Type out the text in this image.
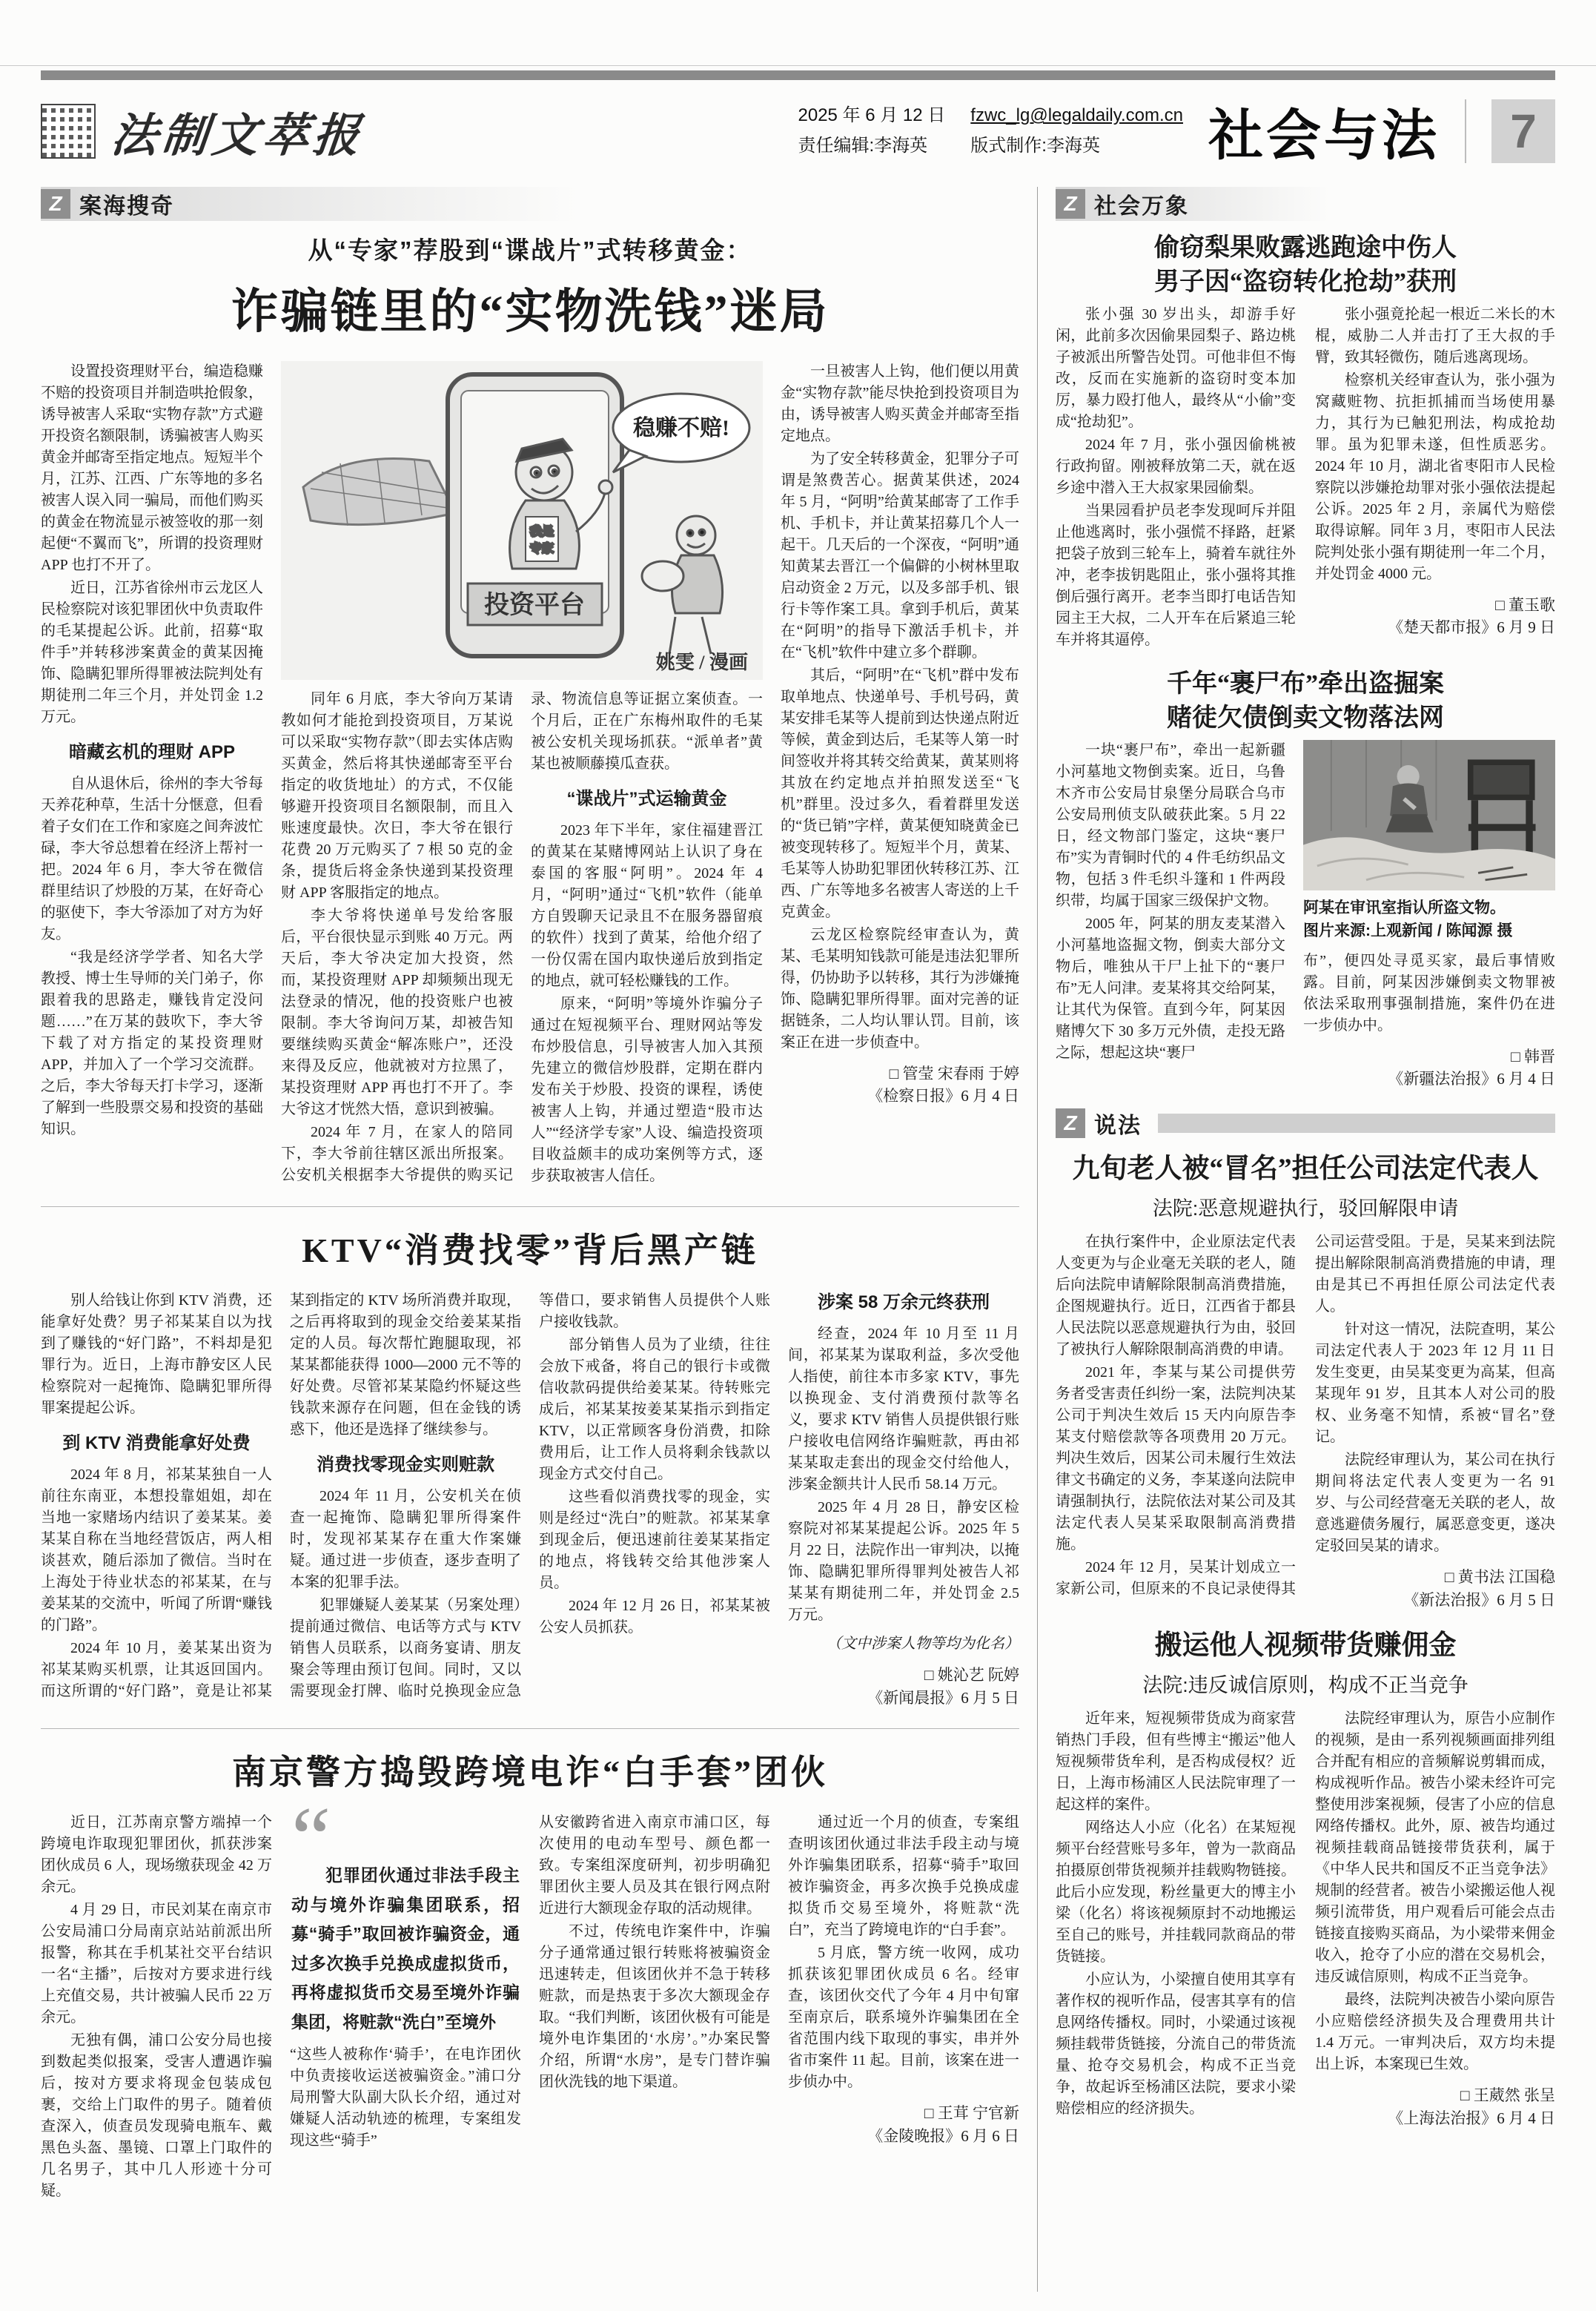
法制文萃报	2025 年 6 月 12 日
责任编辑:李海英
fzwc_lg@legaldaily.com.cn
版式制作:李海英	社会与法	7
Z 案海搜奇
从“专家”荐股到“谍战片”式转移黄金：
诈骗链里的“实物洗钱”迷局

设置投资理财平台，编造稳赚不赔的投资项目并制造哄抢假象，诱导被害人采取“实物存款”方式避开投资名额限制，诱骗被害人购买黄金并邮寄至指定地点。短短半个月，江苏、江西、广东等地的多名被害人误入同一骗局，而他们购买的黄金在物流显示被签收的那一刻起便“不翼而飞”，所谓的投资理财 APP 也打不开了。

近日，江苏省徐州市云龙区人民检察院对该犯罪团伙中负责取件的毛某提起公诉。此前，招募“取件手”并转移涉案黄金的黄某因掩饰、隐瞒犯罪所得罪被法院判处有期徒刑二年三个月，并处罚金 1.2 万元。

暗藏玄机的理财 APP

自从退休后，徐州的李大爷每天养花种草，生活十分惬意，但看着子女们在工作和家庭之间奔波忙碌，李大爷总想着在经济上帮衬一把。2024 年 6 月，李大爷在微信群里结识了炒股的万某，在好奇心的驱使下，李大爷添加了对方为好友。

“我是经济学学者、知名大学教授、博士生导师的关门弟子，你跟着我的思路走，赚钱肯定没问题……”在万某的鼓吹下，李大爷下载了对方指定的某投资理财 APP，并加入了一个学习交流群。之后，李大爷每天打卡学习，逐渐了解到一些股票交易和投资的基础知识。

投资平台
我是
专家
稳赚不赔!
姚雯 / 漫画

同年 6 月底，李大爷向万某请教如何才能抢到投资项目，万某说可以采取“实物存款”（即去实体店购买黄金，然后将其快递邮寄至平台指定的收货地址）的方式，不仅能够避开投资项目名额限制，而且入账速度最快。次日，李大爷在银行花费 20 万元购买了 7 根 50 克的金条，提货后将金条快递到某投资理财 APP 客服指定的地点。

李大爷将快递单号发给客服后，平台很快显示到账 40 万元。两天后，李大爷决定加大投资，然而，某投资理财 APP 却频频出现无法登录的情况，他的投资账户也被限制。李大爷询问万某，却被告知要继续购买黄金“解冻账户”，还没来得及反应，他就被对方拉黑了，某投资理财 APP 再也打不开了。李大爷这才恍然大悟，意识到被骗。

2024 年 7 月，在家人的陪同下，李大爷前往辖区派出所报案。公安机关根据李大爷提供的购买记录、物流信息等证据立案侦查。一个月后，正在广东梅州取件的毛某被公安机关现场抓获。“派单者”黄某也被顺藤摸瓜查获。

“谍战片”式运输黄金

2023 年下半年，家住福建晋江的黄某在某赌博网站上认识了身在泰国的客服“阿明”。2024 年 4 月，“阿明”通过“飞机”软件（能单方自毁聊天记录且不在服务器留痕的软件）找到了黄某，给他介绍了一份仅需在国内取快递后放到指定的地点，就可轻松赚钱的工作。

原来，“阿明”等境外诈骗分子通过在短视频平台、理财网站等发布炒股信息，引导被害人加入其预先建立的微信炒股群，定期在群内发布关于炒股、投资的课程，诱使被害人上钩，并通过塑造“股市达人”“经济学专家”人设、编造投资项目收益颇丰的成功案例等方式，逐步获取被害人信任。

一旦被害人上钩，他们便以用黄金“实物存款”能尽快抢到投资项目为由，诱导被害人购买黄金并邮寄至指定地点。

为了安全转移黄金，犯罪分子可谓是煞费苦心。据黄某供述，2024 年 5 月，“阿明”给黄某邮寄了工作手机、手机卡，并让黄某招募几个人一起干。几天后的一个深夜，“阿明”通知黄某去晋江一个偏僻的小树林里取启动资金 2 万元，以及多部手机、银行卡等作案工具。拿到手机后，黄某在“阿明”的指导下激活手机卡，并在“飞机”软件中建立多个群聊。

其后，“阿明”在“飞机”群中发布取单地点、快递单号、手机号码，黄某安排毛某等人提前到达快递点附近等候，黄金到达后，毛某等人第一时间签收并将其转交给黄某，黄某则将其放在约定地点并拍照发送至“飞机”群里。没过多久，看着群里发送的“货已销”字样，黄某便知晓黄金已被变现转移了。短短半个月，黄某、毛某等人协助犯罪团伙转移江苏、江西、广东等地多名被害人寄送的上千克黄金。

云龙区检察院经审查认为，黄某、毛某明知钱款可能是违法犯罪所得，仍协助予以转移，其行为涉嫌掩饰、隐瞒犯罪所得罪。面对完善的证据链条，二人均认罪认罚。目前，该案正在进一步侦查中。

□ 管莹 宋春雨 于婷

《检察日报》6 月 4 日

KTV“消费找零”背后黑产链

别人给钱让你到 KTV 消费，还能拿好处费？男子祁某某自以为找到了赚钱的“好门路”，不料却是犯罪行为。近日，上海市静安区人民检察院对一起掩饰、隐瞒犯罪所得罪案提起公诉。

到 KTV 消费能拿好处费

2024 年 8 月，祁某某独自一人前往东南亚，本想投靠姐姐，却在当地一家赌场内结识了姜某某。姜某某自称在当地经营饭店，两人相谈甚欢，随后添加了微信。当时在上海处于待业状态的祁某某，在与姜某某的交流中，听闻了所谓“赚钱的门路”。

2024 年 10 月，姜某某出资为祁某某购买机票，让其返回国内。而这所谓的“好门路”，竟是让祁某某到指定的 KTV 场所消费并取现，之后再将取到的现金交给姜某某指定的人员。每次帮忙跑腿取现，祁某某都能获得 1000—2000 元不等的好处费。尽管祁某某隐约怀疑这些钱款来源存在问题，但在金钱的诱惑下，他还是选择了继续参与。

消费找零现金实则赃款

2024 年 11 月，公安机关在侦查一起掩饰、隐瞒犯罪所得案件时，发现祁某某存在重大作案嫌疑。通过进一步侦查，逐步查明了本案的犯罪手法。

犯罪嫌疑人姜某某（另案处理）提前通过微信、电话等方式与 KTV 销售人员联系，以商务宴请、朋友聚会等理由预订包间。同时，又以需要现金打牌、临时兑换现金应急等借口，要求销售人员提供个人账户接收钱款。

部分销售人员为了业绩，往往会放下戒备，将自己的银行卡或微信收款码提供给姜某某。待转账完成后，祁某某按姜某某指示到指定 KTV，以正常顾客身份消费，扣除费用后，让工作人员将剩余钱款以现金方式交付自己。

这些看似消费找零的现金，实则是经过“洗白”的赃款。祁某某拿到现金后，便迅速前往姜某某指定的地点，将钱转交给其他涉案人员。

2024 年 12 月 26 日，祁某某被公安人员抓获。

涉案 58 万余元终获刑

经查，2024 年 10 月至 11 月间，祁某某为谋取利益，多次受他人指使，前往本市多家 KTV，事先以换现金、支付消费预付款等名义，要求 KTV 销售人员提供银行账户接收电信网络诈骗赃款，再由祁某某取走套出的现金交付给他人，涉案金额共计人民币 58.14 万元。

2025 年 4 月 28 日，静安区检察院对祁某某提起公诉。2025 年 5 月 22 日，法院作出一审判决，以掩饰、隐瞒犯罪所得罪判处被告人祁某某有期徒刑二年，并处罚金 2.5 万元。

（文中涉案人物等均为化名）

□ 姚沁艺 阮婷

《新闻晨报》6 月 5 日

南京警方捣毁跨境电诈“白手套”团伙

近日，江苏南京警方端掉一个跨境电诈取现犯罪团伙，抓获涉案团伙成员 6 人，现场缴获现金 42 万余元。

4 月 29 日，市民刘某在南京市公安局浦口分局南京站站前派出所报警，称其在手机某社交平台结识一名“主播”，后按对方要求进行线上充值交易，共计被骗人民币 22 万余元。

无独有偶，浦口公安分局也接到数起类似报案，受害人遭遇诈骗后，按对方要求将现金包装成包裹，交给上门取件的男子。随着侦查深入，侦查员发现骑电瓶车、戴黑色头盔、墨镜、口罩上门取件的几名男子，其中几人形迹十分可疑。

“
犯罪团伙通过非法手段主动与境外诈骗集团联系，招募“骑手”取回被诈骗资金，通过多次换手兑换成虚拟货币，再将虚拟货币交易至境外诈骗集团，将赃款“洗白”至境外

“这些人被称作‘骑手’，在电诈团伙中负责接收运送被骗资金。”浦口分局刑警大队副大队长介绍，通过对嫌疑人活动轨迹的梳理，专案组发现这些“骑手”

从安徽跨省进入南京市浦口区，每次使用的电动车型号、颜色都一致。专案组深度研判，初步明确犯罪团伙主要人员及其在银行网点附近进行大额现金存取的活动规律。

不过，传统电诈案件中，诈骗分子通常通过银行转账将被骗资金迅速转走，但该团伙并不急于转移赃款，而是热衷于多次大额现金存取。“我们判断，该团伙极有可能是境外电诈集团的‘水房’。”办案民警介绍，所谓“水房”，是专门替诈骗团伙洗钱的地下渠道。

通过近一个月的侦查，专案组查明该团伙通过非法手段主动与境外诈骗集团联系，招募“骑手”取回被诈骗资金，再多次换手兑换成虚拟货币交易至境外，将赃款“洗白”，充当了跨境电诈的“白手套”。

5 月底，警方统一收网，成功抓获该犯罪团伙成员 6 名。经审查，该团伙交代了今年 4 月中旬窜至南京后，联系境外诈骗集团在全省范围内线下取现的事实，串并外省市案件 11 起。目前，该案在进一步侦办中。

□ 王茸 宁官新

《金陵晚报》6 月 6 日

Z 社会万象
偷窃梨果败露逃跑途中伤人
男子因“盗窃转化抢劫”获刑

张小强 30 岁出头，却游手好闲，此前多次因偷果园梨子、路边桃子被派出所警告处罚。可他非但不悔改，反而在实施新的盗窃时变本加厉，暴力殴打他人，最终从“小偷”变成“抢劫犯”。

2024 年 7 月，张小强因偷桃被行政拘留。刚被释放第二天，就在返乡途中潜入王大叔家果园偷梨。

当果园看护员老李发现呵斥并阻止他逃离时，张小强慌不择路，赶紧把袋子放到三轮车上，骑着车就往外冲，老李拔钥匙阻止，张小强将其推倒后强行离开。老李当即打电话告知园主王大叔，二人开车在后紧追三轮车并将其逼停。

张小强竟抡起一根近二米长的木棍，威胁二人并击打了王大叔的手臂，致其轻微伤，随后逃离现场。

检察机关经审查认为，张小强为窝藏赃物、抗拒抓捕而当场使用暴力，其行为已触犯刑法，构成抢劫罪。虽为犯罪未遂，但性质恶劣。2024 年 10 月，湖北省枣阳市人民检察院以涉嫌抢劫罪对张小强依法提起公诉。2025 年 2 月，亲属代为赔偿取得谅解。同年 3 月，枣阳市人民法院判处张小强有期徒刑一年二个月，并处罚金 4000 元。

□ 董玉歌

《楚天都市报》6 月 9 日

千年“裹尸布”牵出盗掘案
赌徒欠债倒卖文物落法网

一块“裹尸布”，牵出一起新疆小河墓地文物倒卖案。近日，乌鲁木齐市公安局甘泉堡分局联合乌市公安局刑侦支队破获此案。5 月 22 日，经文物部门鉴定，这块“裹尸布”实为青铜时代的 4 件毛纺织品文物，包括 3 件毛织斗篷和 1 件两段织带，均属于国家三级保护文物。

2005 年，阿某的朋友麦某潜入小河墓地盗掘文物，倒卖大部分文物后，唯独从干尸上扯下的“裹尸布”无人问津。麦某将其交给阿某，让其代为保管。直到今年，阿某因赌博欠下 30 多万元外债，走投无路之际，想起这块“裹尸

阿某在审讯室指认所盗文物。
图片来源:上观新闻 / 陈闻源 摄

布”，便四处寻觅买家，最后事情败露。目前，阿某因涉嫌倒卖文物罪被依法采取刑事强制措施，案件仍在进一步侦办中。

□ 韩晋

《新疆法治报》6 月 4 日

Z 说法
九旬老人被“冒名”担任公司法定代表人
法院:恶意规避执行，驳回解限申请

在执行案件中，企业原法定代表人变更为与企业毫无关联的老人，随后向法院申请解除限制高消费措施，企图规避执行。近日，江西省于都县人民法院以恶意规避执行为由，驳回了被执行人解除限制高消费的申请。

2021 年，李某与某公司提供劳务者受害责任纠纷一案，法院判决某公司于判决生效后 15 天内向原告李某支付赔偿款等各项费用 20 万元。判决生效后，因某公司未履行生效法律文书确定的义务，李某遂向法院申请强制执行，法院依法对某公司及其法定代表人吴某采取限制高消费措施。

2024 年 12 月，吴某计划成立一家新公司，但原来的不良记录使得其公司运营受阻。于是，吴某来到法院提出解除限制高消费措施的申请，理由是其已不再担任原公司法定代表人。

针对这一情况，法院查明，某公司法定代表人于 2023 年 12 月 11 日发生变更，由吴某变更为高某，但高某现年 91 岁，且其本人对公司的股权、业务毫不知情，系被“冒名”登记。

法院经审理认为，某公司在执行期间将法定代表人变更为一名 91 岁、与公司经营毫无关联的老人，故意逃避债务履行，属恶意变更，遂决定驳回吴某的请求。

□ 黄书法 江国稳

《新法治报》6 月 5 日

搬运他人视频带货赚佣金
法院:违反诚信原则，构成不正当竞争

近年来，短视频带货成为商家营销热门手段，但有些博主“搬运”他人短视频带货牟利，是否构成侵权？近日，上海市杨浦区人民法院审理了一起这样的案件。

网络达人小应（化名）在某短视频平台经营账号多年，曾为一款商品拍摄原创带货视频并挂载购物链接。此后小应发现，粉丝量更大的博主小梁（化名）将该视频原封不动地搬运至自己的账号，并挂载同款商品的带货链接。

小应认为，小梁擅自使用其享有著作权的视听作品，侵害其享有的信息网络传播权。同时，小梁通过该视频挂载带货链接，分流自己的带货流量、抢夺交易机会，构成不正当竞争，故起诉至杨浦区法院，要求小梁赔偿相应的经济损失。

法院经审理认为，原告小应制作的视频，是由一系列视频画面排列组合并配有相应的音频解说剪辑而成，构成视听作品。被告小梁未经许可完整使用涉案视频，侵害了小应的信息网络传播权。此外，原、被告均通过视频挂载商品链接带货获利，属于《中华人民共和国反不正当竞争法》规制的经营者。被告小梁搬运他人视频引流带货，用户观看后可能会点击链接直接购买商品，为小梁带来佣金收入，抢夺了小应的潜在交易机会，违反诚信原则，构成不正当竞争。

最终，法院判决被告小梁向原告小应赔偿经济损失及合理费用共计 1.4 万元。一审判决后，双方均未提出上诉，本案现已生效。

□ 王葳然 张呈

《上海法治报》6 月 4 日
